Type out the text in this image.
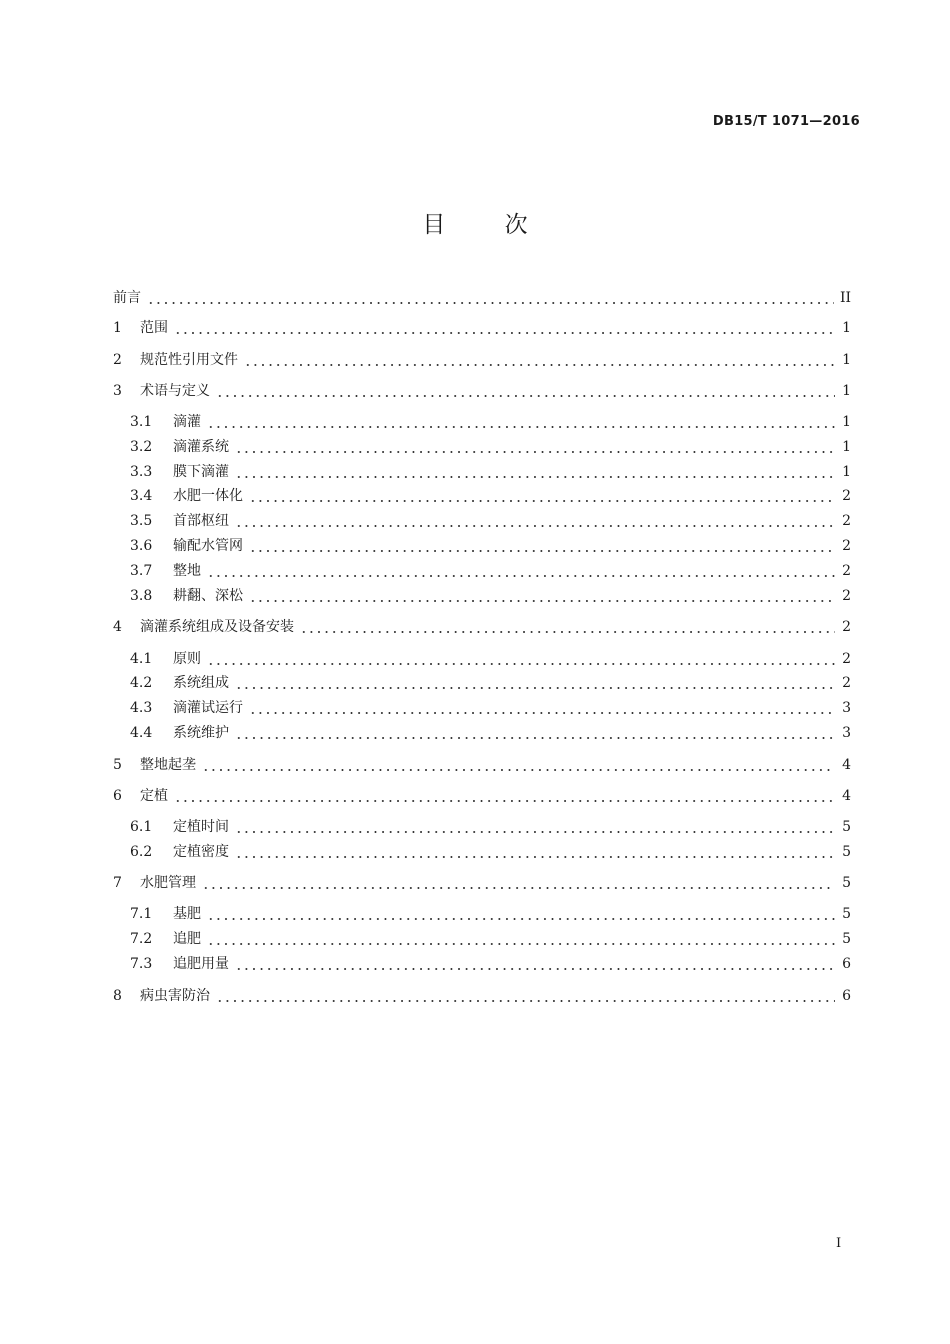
DB15/T 1071—2016
目 次
前言	II
1	范围	1
2	规范性引用文件	1
3	术语与定义	1
3.1	滴灌	1
3.2	滴灌系统	1
3.3	膜下滴灌	1
3.4	水肥一体化	2
3.5	首部枢纽	2
3.6	输配水管网	2
3.7	整地	2
3.8	耕翻、深松	2
4	滴灌系统组成及设备安装	2
4.1	原则	2
4.2	系统组成	2
4.3	滴灌试运行	3
4.4	系统维护	3
5	整地起垄	4
6	定植	4
6.1	定植时间	5
6.2	定植密度	5
7	水肥管理	5
7.1	基肥	5
7.2	追肥	5
7.3	追肥用量	6
8	病虫害防治	6
I
